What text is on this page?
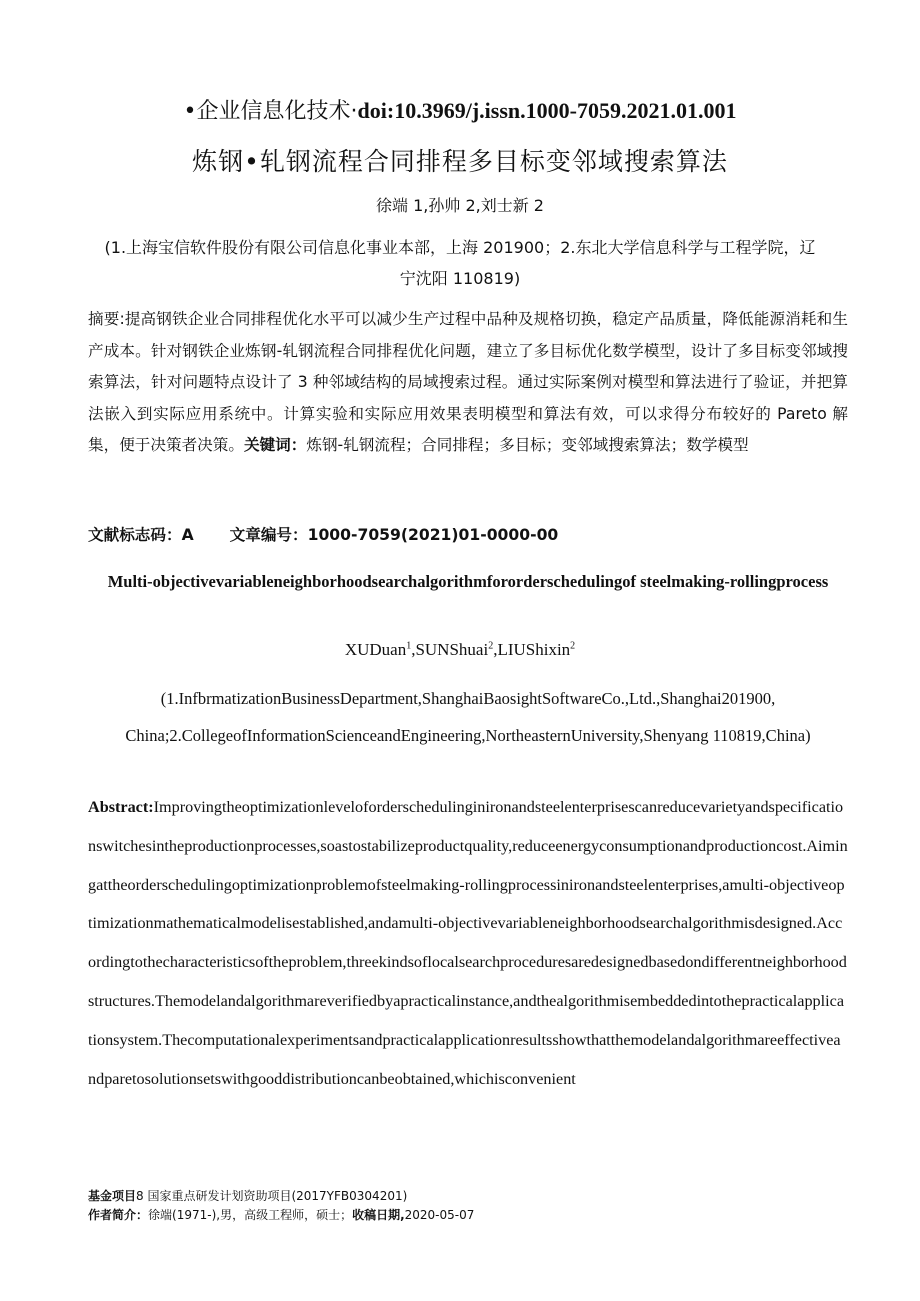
•企业信息化技术·doi:10.3969/j.issn.1000-7059.2021.01.001
炼钢•轧钢流程合同排程多目标变邻域搜索算法
徐端 1,孙帅 2,刘士新 2
(1.上海宝信软件股份有限公司信息化事业本部，上海 201900；2.东北大学信息科学与工程学院，辽宁沈阳 110819)
摘要:提高钢铁企业合同排程优化水平可以减少生产过程中品种及规格切换，稳定产品质量，降低能源消耗和生产成本。针对钢铁企业炼钢-轧钢流程合同排程优化问题，建立了多目标优化数学模型，设计了多目标变邻域搜索算法，针对问题特点设计了 3 种邻域结构的局域搜索过程。通过实际案例对模型和算法进行了验证，并把算法嵌入到实际应用系统中。计算实验和实际应用效果表明模型和算法有效，可以求得分布较好的 Pareto 解集，便于决策者决策。关键词：炼钢-轧钢流程；合同排程；多目标；变邻域搜索算法；数学模型
文献标志码：A 文章编号：1000-7059(2021)01-0000-00
Multi-objectivevariableneighborhoodsearchalgorithmfororderschedulingof steelmaking-rollingprocess
XUDuan$^1$,SUNShuai$^2$,LIUShixin$^2$
(1.InfbrmatizationBusinessDepartment,ShanghaiBaosightSoftwareCo.,Ltd.,Shanghai201900, China;2.CollegeofInformationScienceandEngineering,NortheasternUniversity,Shenyang 110819,China)
Abstract:Improvingtheoptimizationleveloforderschedulinginironandsteelenterprisescanreducevarietyandspecificationswitchesintheproductionprocesses,soastostabilizeproductquality,reduceenergyconsumptionandproductioncost.Aimingattheorderschedulingoptimizationproblemofsteelmaking-rollingprocessinironandsteelenterprises,amulti-objectiveoptimizationmathematicalmodelisestablished,andamulti-objectivevariableneighborhoodsearchalgorithmisdesigned.Accordingtothecharacteristicsoftheproblem,threekindsoflocalsearchproceduresaredesignedbasedondifferentneighborhoodstructures.Themodelandalgorithmareverifiedbyapracticalinstance,andthealgorithmisembeddedintothepracticalapplicationsystem.Thecomputationalexperimentsandpracticalapplicationresultsshowthatthemodelandalgorithmareeffectiveandparetosolutionsetswithgooddistributioncanbeobtained,whichisconvenient
基金项目8 国家重点研发计划资助项目(2017YFB0304201)
作者简介：徐端(1971-),男，高级工程师，硕士；收稿日期,2020-05-07
